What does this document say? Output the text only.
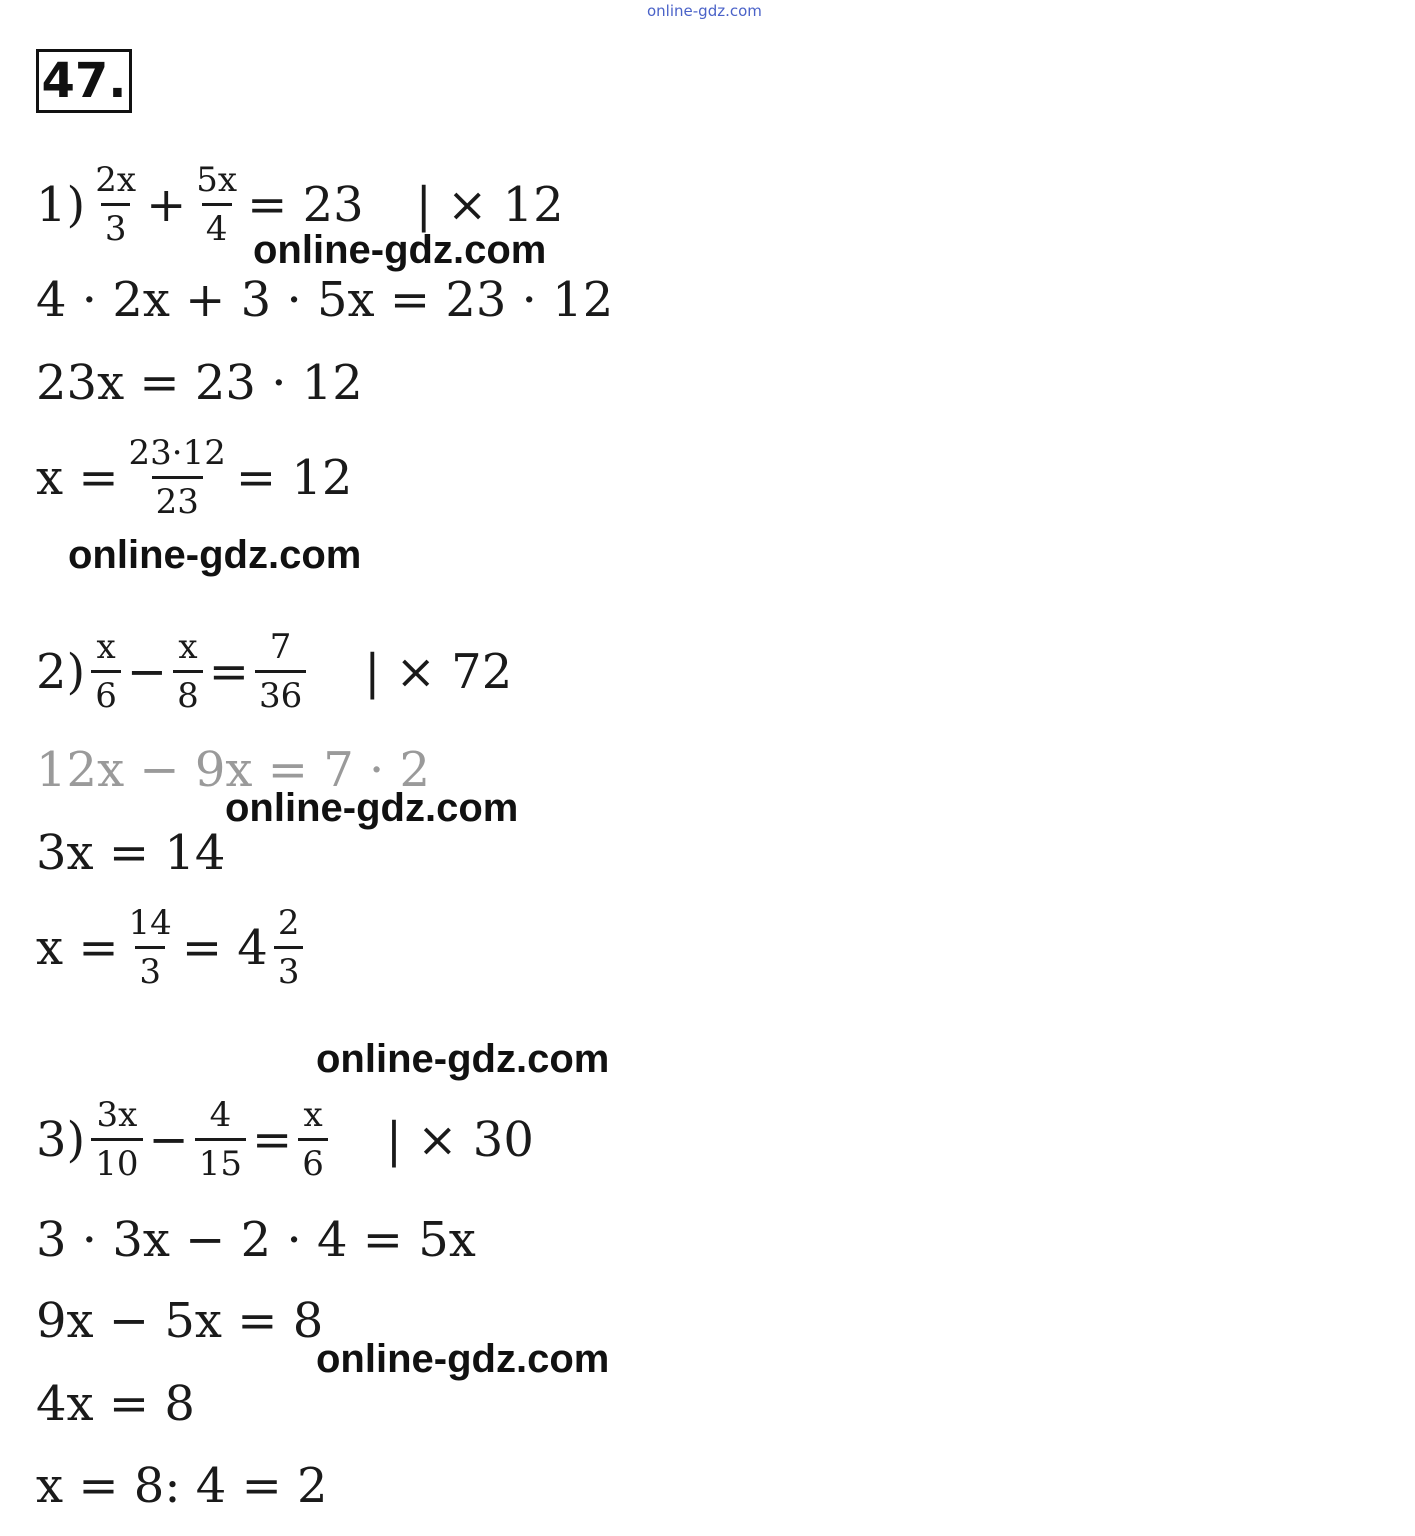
online-gdz.com
47.
$1) \frac{2x}{3} + \frac{5x}{4} = 23$ | × 12
online-gdz.com
4 · 2x + 3 · 5x = 23 · 12
23x = 23 · 12
$x = \frac{23\cdot 12}{23} = 12$
online-gdz.com
$2) \frac{x}{6} - \frac{x}{8} = \frac{7}{36}$ | × 72
12x − 9x = 7 · 2
online-gdz.com
3x = 14
$x = \frac{14}{3} = 4 \frac{2}{3}$
online-gdz.com
$3) \frac{3x}{10} - \frac{4}{15} = \frac{x}{6}$ | × 30
3 · 3x − 2 · 4 = 5x
9x − 5x = 8
online-gdz.com
4x = 8
x = 8: 4 = 2
